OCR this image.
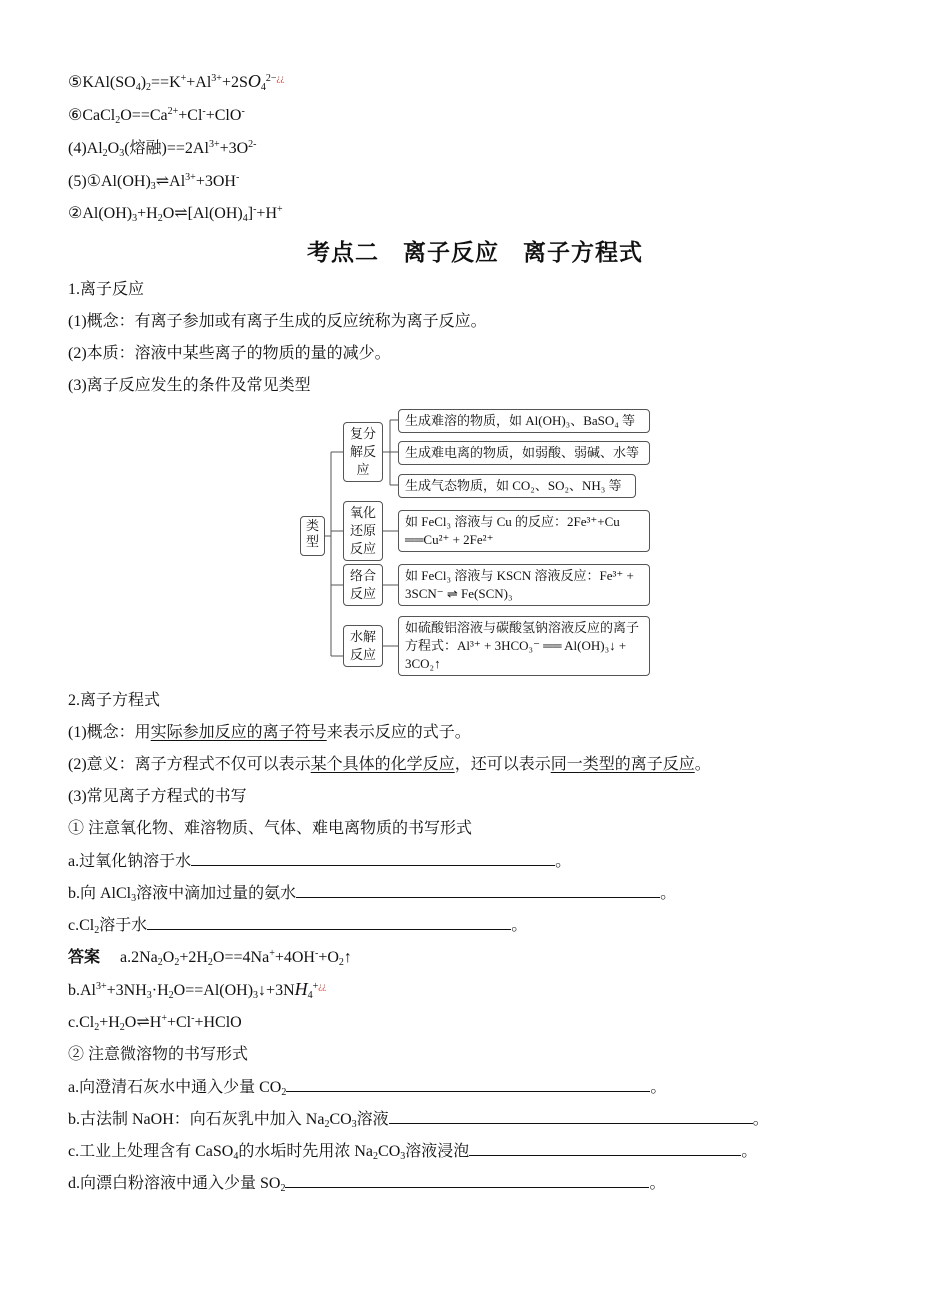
$⑤KAl(SO_4)_2==K^++Al^{3+}+2SO_4^{2-¿¿}$
$⑥CaCl_2O==Ca^{2+}+Cl^-+ClO^-$
$(4)Al_2O_3$(熔融)$==2Al^{3+}+3O^{2-}$
$(5)①Al(OH)_3\rightleftharpoons Al^{3+}+3OH^-$
$②Al(OH)_3+H_2O\rightleftharpoons[Al(OH)_4]^-+H^+$
考点二　离子反应　离子方程式
1.离子反应
(1)概念：有离子参加或有离子生成的反应统称为离子反应。
(2)本质：溶液中某些离子的物质的量的减少。
(3)离子反应发生的条件及常见类型
类
型
复分
解反
应
氧化
还原
反应
络合
反应
水解
反应
生成难溶的物质，如 Al(OH)₃、BaSO₄ 等
生成难电离的物质，如弱酸、弱碱、水等
生成气态物质，如 CO₂、SO₂、NH₃ 等
如 FeCl₃ 溶液与 Cu 的反应：2Fe³⁺+Cu ══Cu²⁺ + 2Fe²⁺
如 FeCl₃ 溶液与 KSCN 溶液反应：Fe³⁺ + 3SCN⁻ ⇌ Fe(SCN)₃
如硫酸铝溶液与碳酸氢钠溶液反应的离子方程式：Al³⁺ + 3HCO₃⁻ ══ Al(OH)₃↓ + 3CO₂↑
2.离子方程式
(1)概念：用实际参加反应的离子符号来表示反应的式子。
(2)意义：离子方程式不仅可以表示某个具体的化学反应，还可以表示同一类型的离子反应。
(3)常见离子方程式的书写
① 注意氧化物、难溶物质、气体、难电离物质的书写形式
a.过氧化钠溶于水	。
b.向 AlCl$_3$溶液中滴加过量的氨水	。
$c.Cl_2$溶于水	。
答案　 $a.2Na_2O_2+2H_2O==4Na^++4OH^-+O_2↑$
$b.Al^{3+}+3NH_3\cdot H_2O==Al(OH)_3↓+3NH_4^{+¿¿}$
$c.Cl_2+H_2O\rightleftharpoons H^++Cl^-+HClO$
② 注意微溶物的书写形式
a.向澄清石灰水中通入少量 $CO_2$	。
b.古法制 NaOH：向石灰乳中加入 $Na_2CO_3$溶液	。
c.工业上处理含有 CaSO$_4$的水垢时先用浓 $Na_2CO_3$溶液浸泡	。
d.向漂白粉溶液中通入少量 $SO_2$	。
